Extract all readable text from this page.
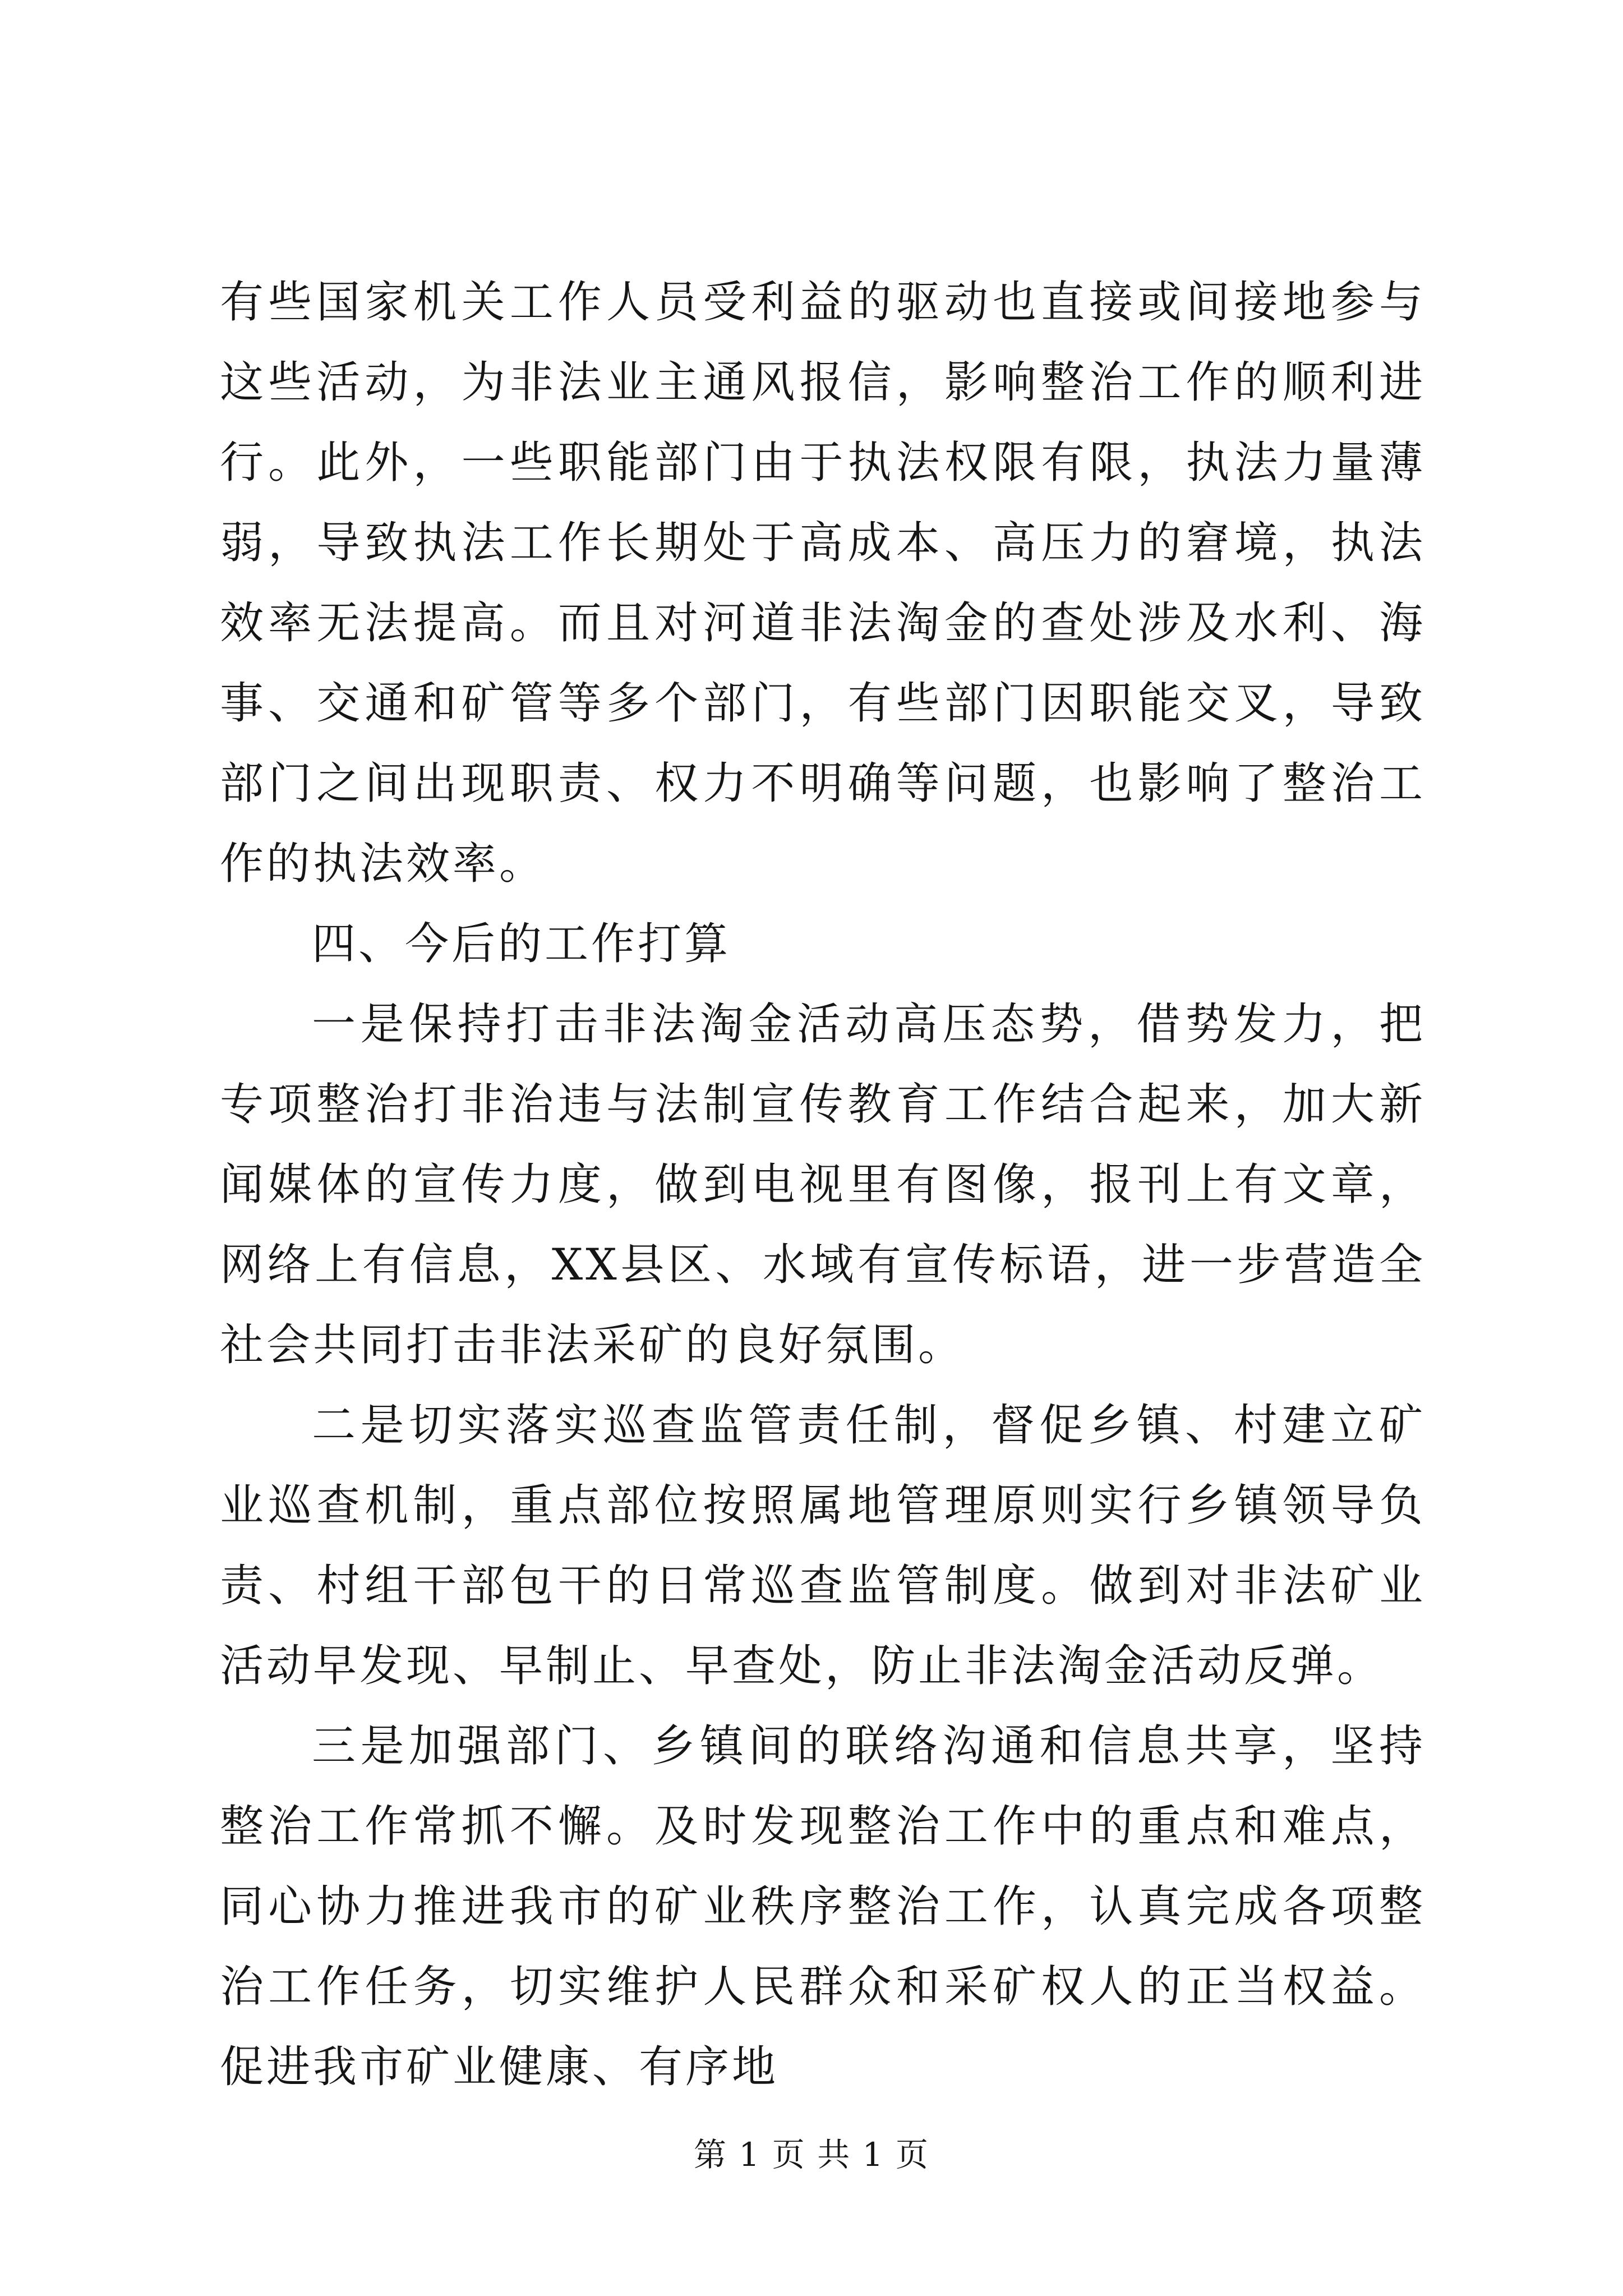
有些国家机关工作人员受利益的驱动也直接或间接地参与这些活动，为非法业主通风报信，影响整治工作的顺利进行。此外，一些职能部门由于执法权限有限，执法力量薄弱，导致执法工作长期处于高成本、高压力的窘境，执法效率无法提高。而且对河道非法淘金的查处涉及水利、海事、交通和矿管等多个部门，有些部门因职能交叉，导致部门之间出现职责、权力不明确等问题，也影响了整治工作的执法效率。

四、今后的工作打算

一是保持打击非法淘金活动高压态势，借势发力，把专项整治打非治违与法制宣传教育工作结合起来，加大新闻媒体的宣传力度，做到电视里有图像，报刊上有文章，网络上有信息，XX县区、水域有宣传标语，进一步营造全社会共同打击非法采矿的良好氛围。

二是切实落实巡查监管责任制，督促乡镇、村建立矿业巡查机制，重点部位按照属地管理原则实行乡镇领导负责、村组干部包干的日常巡查监管制度。做到对非法矿业活动早发现、早制止、早查处，防止非法淘金活动反弹。

三是加强部门、乡镇间的联络沟通和信息共享，坚持整治工作常抓不懈。及时发现整治工作中的重点和难点，同心协力推进我市的矿业秩序整治工作，认真完成各项整治工作任务，切实维护人民群众和采矿权人的正当权益。促进我市矿业健康、有序地

第 1 页 共 1 页
